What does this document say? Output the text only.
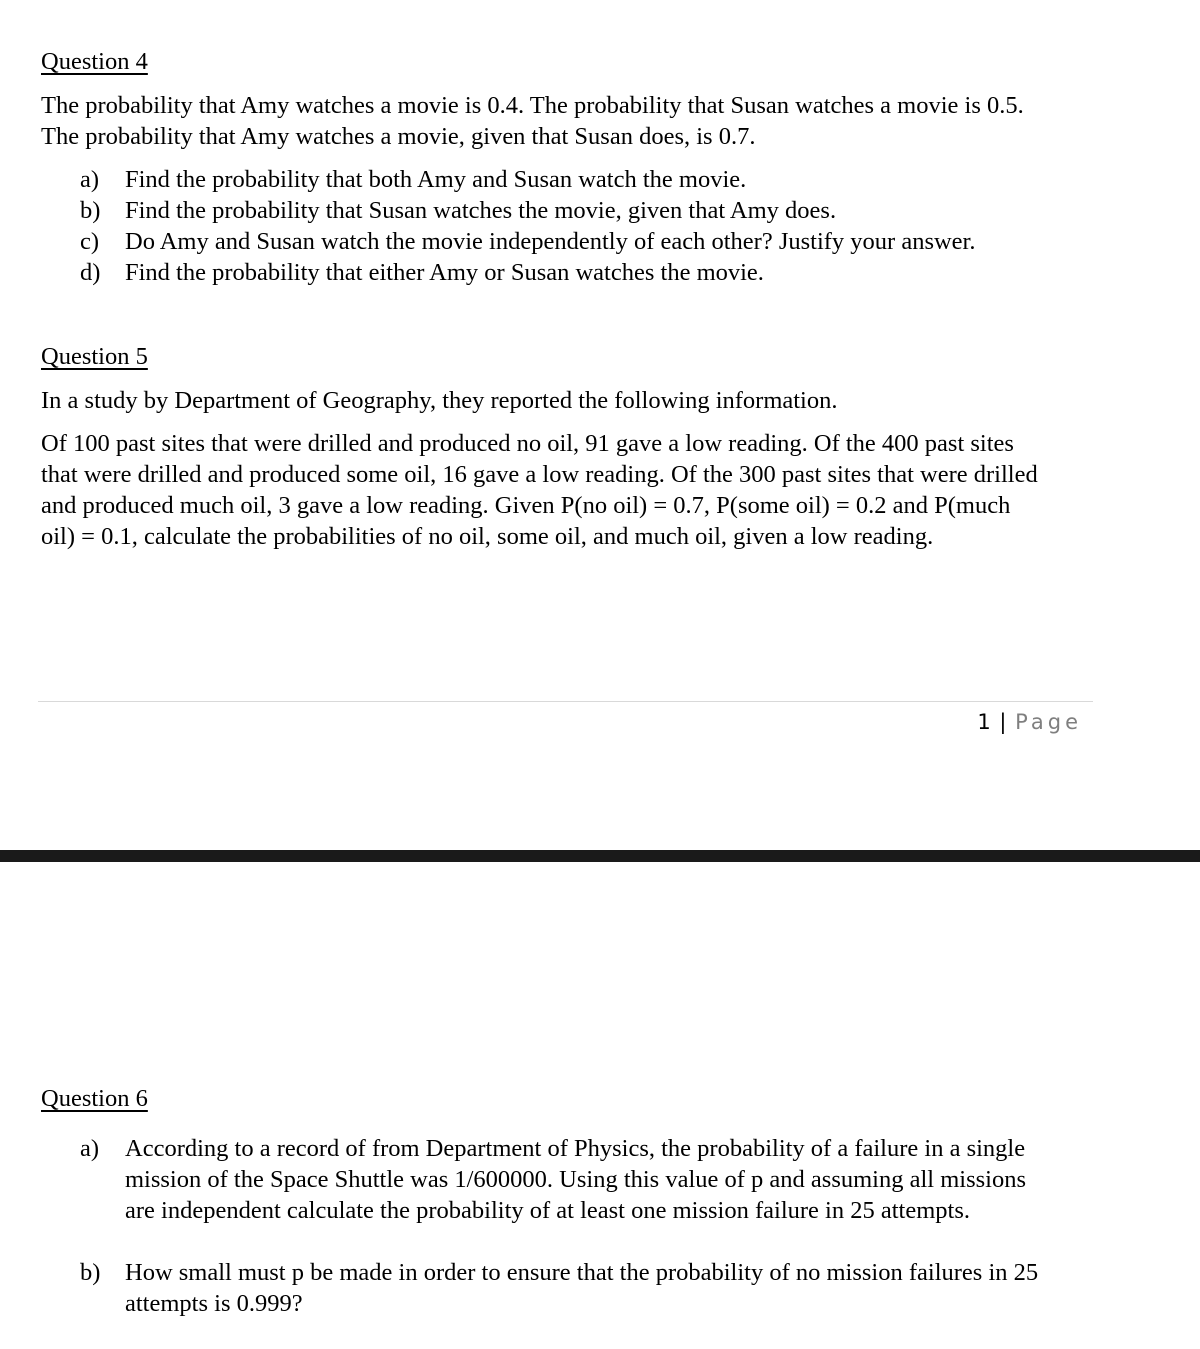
Question 4

The probability that Amy watches a movie is 0.4. The probability that Susan watches a movie is 0.5.
The probability that Amy watches a movie, given that Susan does, is 0.7.

a) Find the probability that both Amy and Susan watch the movie.
b) Find the probability that Susan watches the movie, given that Amy does.
c) Do Amy and Susan watch the movie independently of each other? Justify your answer.
d) Find the probability that either Amy or Susan watches the movie.
Question 5

In a study by Department of Geography, they reported the following information.

Of 100 past sites that were drilled and produced no oil, 91 gave a low reading. Of the 400 past sites
that were drilled and produced some oil, 16 gave a low reading. Of the 300 past sites that were drilled
and produced much oil, 3 gave a low reading. Given P(no oil) = 0.7, P(some oil) = 0.2 and P(much
oil) = 0.1, calculate the probabilities of no oil, some oil, and much oil, given a low reading.

1 | Page
Question 6
a) According to a record of from Department of Physics, the probability of a failure in a single
mission of the Space Shuttle was 1/600000. Using this value of p and assuming all missions
are independent calculate the probability of at least one mission failure in 25 attempts.
b) How small must p be made in order to ensure that the probability of no mission failures in 25
attempts is 0.999?
